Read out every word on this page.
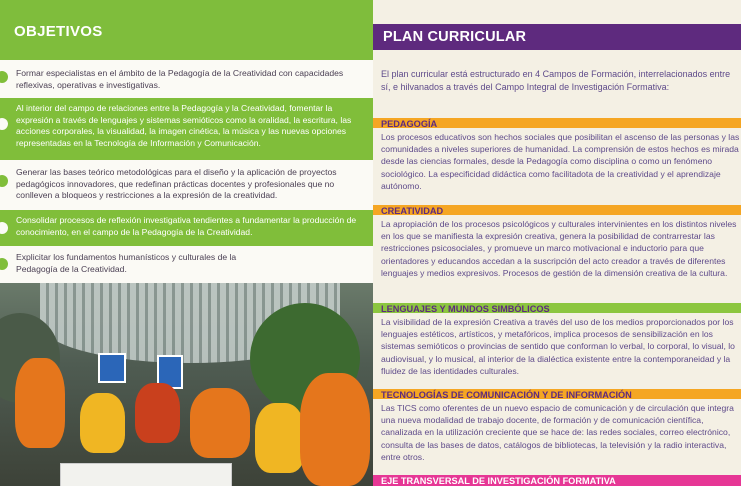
OBJETIVOS
Formar especialistas en el ámbito de la Pedagogía de la Creatividad con capacidades reflexivas, operativas e investigativas.
Al interior del campo de relaciones entre la Pedagogía y la Creatividad, fomentar la expresión a través de lenguajes y sistemas semióticos como la oralidad, la escritura, las acciones corporales, la visualidad, la imagen cinética, la música y las nuevas opciones representadas en la Tecnología de Información y Comunicación.
Generar las bases teórico metodológicas para el diseño y la aplicación de proyectos pedagógicos innovadores, que redefinan prácticas docentes y profesionales que no conlleven a bloqueos y restricciones a la expresión de la creatividad.
Consolidar procesos de reflexión investigativa tendientes a fundamentar la producción de conocimiento, en el campo de la Pedagogía de la Creatividad.
Explicitar los fundamentos humanísticos y culturales de la Pedagogía de la Creatividad.
PLAN CURRICULAR
El plan curricular está estructurado en 4 Campos de Formación, interrelacionados entre sí, e hilvanados a través del Campo Integral de Investigación Formativa:
PEDAGOGÍA
Los procesos educativos son hechos sociales que posibilitan el ascenso de las personas y las comunidades a niveles superiores de humanidad. La comprensión de estos hechos es mirada desde las ciencias formales, desde la Pedagogía como disciplina o como un fenómeno sociológico. La especificidad didáctica como facilitadota de la creatividad y el aprendizaje autónomo.
CREATIVIDAD
La apropiación de los procesos psicológicos y culturales intervinientes en los distintos niveles en los que se manifiesta la expresión creativa, genera la posibilidad de contrarrestar las restricciones psicosociales, y promueve un marco motivacional e inductorio para que orientadores y educandos accedan a la suscripción del acto creador a través de diferentes lenguajes y medios expresivos. Procesos de gestión de la dimensión creativa de la cultura.
LENGUAJES Y MUNDOS SIMBÓLICOS
La visibilidad de la expresión Creativa a través del uso de los medios proporcionados por los lenguajes estéticos, artísticos, y metafóricos, implica procesos de sensibilización en los sistemas semióticos o provincias de sentido que conforman lo verbal, lo corporal, lo visual, lo audiovisual, y lo musical, al interior de la dialéctica existente entre la contemporaneidad y la fluidez de las identidades culturales.
TECNOLOGÍAS DE COMUNICACIÓN Y DE INFORMACIÓN
Las TICS como oferentes de un nuevo espacio de comunicación y de circulación que integra una nueva modalidad de trabajo docente, de formación y de comunicación científica, canalizada en la utilización creciente que se hace de: las redes sociales, correo electrónico, consulta de las bases de datos, catálogos de bibliotecas, la televisión y la radio interactiva, entre otros.
EJE TRANSVERSAL DE INVESTIGACIÓN FORMATIVA
